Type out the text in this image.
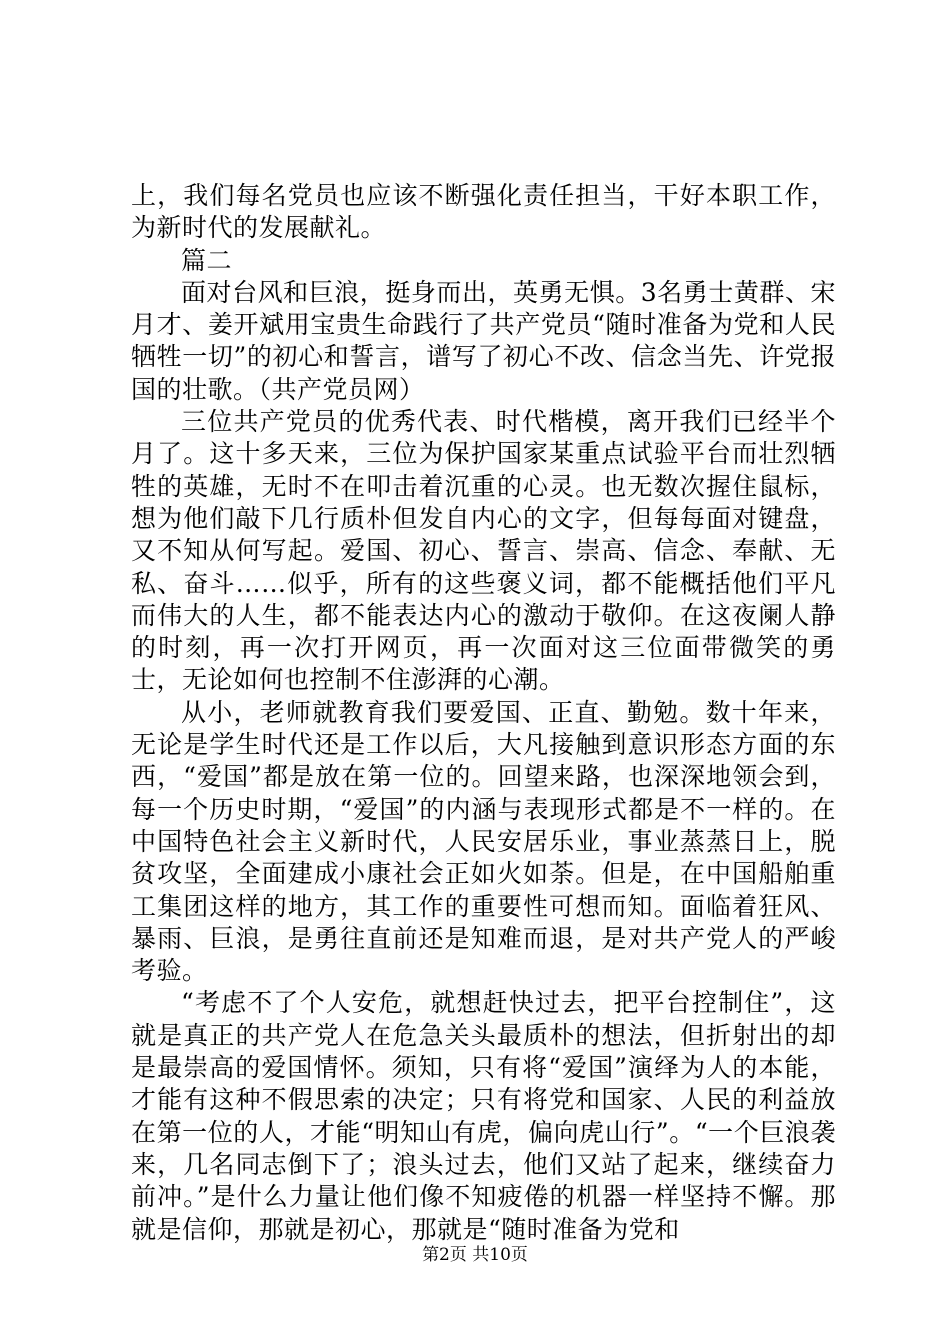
上，我们每名党员也应该不断强化责任担当，干好本职工作，为新时代的发展献礼。

篇二

面对台风和巨浪，挺身而出，英勇无惧。3名勇士黄群、宋月才、姜开斌用宝贵生命践行了共产党员“随时准备为党和人民牺牲一切”的初心和誓言，谱写了初心不改、信念当先、许党报国的壮歌。（共产党员网）

三位共产党员的优秀代表、时代楷模，离开我们已经半个月了。这十多天来，三位为保护国家某重点试验平台而壮烈牺牲的英雄，无时不在叩击着沉重的心灵。也无数次握住鼠标，想为他们敲下几行质朴但发自内心的文字，但每每面对键盘，又不知从何写起。爱国、初心、誓言、崇高、信念、奉献、无私、奋斗……似乎，所有的这些褒义词，都不能概括他们平凡而伟大的人生，都不能表达内心的激动于敬仰。在这夜阑人静的时刻，再一次打开网页，再一次面对这三位面带微笑的勇士，无论如何也控制不住澎湃的心潮。

从小，老师就教育我们要爱国、正直、勤勉。数十年来，无论是学生时代还是工作以后，大凡接触到意识形态方面的东西，“爱国”都是放在第一位的。回望来路，也深深地领会到，每一个历史时期，“爱国”的内涵与表现形式都是不一样的。在中国特色社会主义新时代，人民安居乐业，事业蒸蒸日上，脱贫攻坚，全面建成小康社会正如火如荼。但是，在中国船舶重工集团这样的地方，其工作的重要性可想而知。面临着狂风、暴雨、巨浪，是勇往直前还是知难而退，是对共产党人的严峻考验。

“考虑不了个人安危，就想赶快过去，把平台控制住”，这就是真正的共产党人在危急关头最质朴的想法，但折射出的却是最崇高的爱国情怀。须知，只有将“爱国”演绎为人的本能，才能有这种不假思索的决定；只有将党和国家、人民的利益放在第一位的人，才能“明知山有虎，偏向虎山行”。“一个巨浪袭来，几名同志倒下了；浪头过去，他们又站了起来，继续奋力前冲。”是什么力量让他们像不知疲倦的机器一样坚持不懈。那就是信仰，那就是初心，那就是“随时准备为党和

第2页 共10页
